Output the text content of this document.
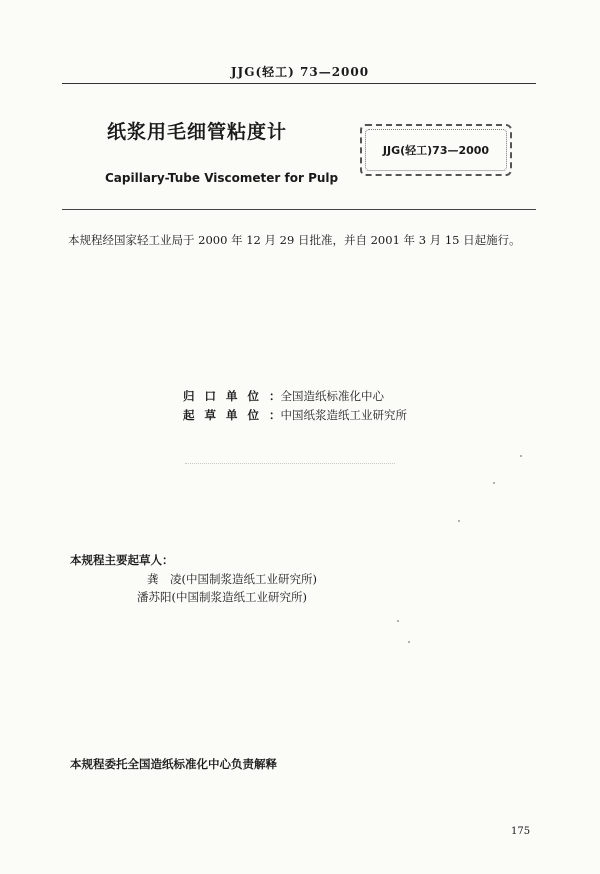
JJG(轻工) 73—2000
纸浆用毛细管粘度计
Capillary-Tube Viscometer for Pulp
JJG(轻工)73—2000
本规程经国家轻工业局于 2000 年 12 月 29 日批准，并自 2001 年 3 月 15 日起施行。
归口单位：全国造纸标准化中心
起草单位：中国纸浆造纸工业研究所
本规程主要起草人：
龚　凌(中国制浆造纸工业研究所)
潘苏阳(中国制浆造纸工业研究所)
本规程委托全国造纸标准化中心负责解释
175
